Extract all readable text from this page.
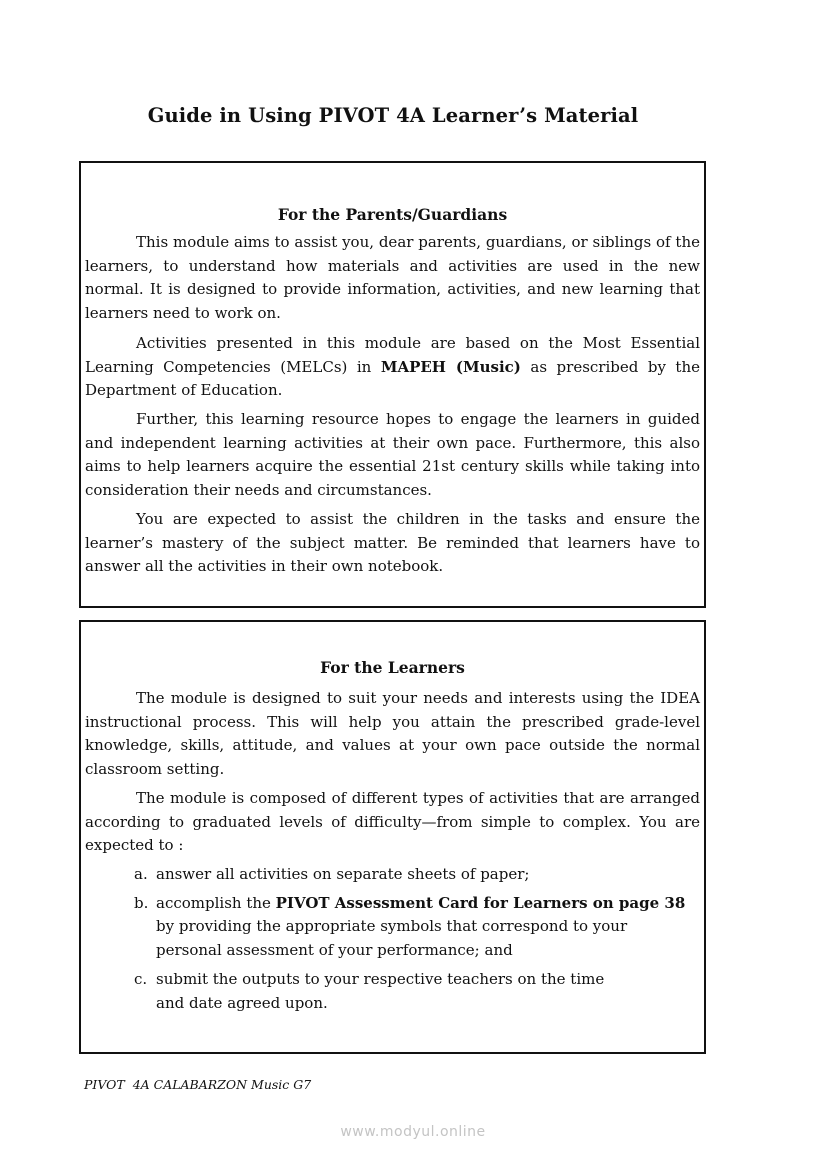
Guide in Using PIVOT 4A Learner’s Material
For the Parents/Guardians

This module aims to assist you, dear parents, guardians, or siblings of the learners, to understand how materials and activities are used in the new normal. It is designed to provide information, activities, and new learning that learners need to work on.

Activities presented in this module are based on the Most Essential Learning Competencies (MELCs) in MAPEH (Music) as prescribed by the Department of Education.

Further, this learning resource hopes to engage the learners in guided and independent learning activities at their own pace. Furthermore, this also aims to help learners acquire the essential 21st century skills while taking into consideration their needs and circumstances.

You are expected to assist the children in the tasks and ensure the learner’s mastery of the subject matter. Be reminded that learners have to answer all the activities in their own notebook.

For the Learners

The module is designed to suit your needs and interests using the IDEA instructional process. This will help you attain the prescribed grade-level knowledge, skills, attitude, and values at your own pace outside the normal classroom setting.

The module is composed of different types of activities that are arranged according to graduated levels of difficulty—from simple to complex. You are expected to :

a. answer all activities on separate sheets of paper;
b. accomplish the PIVOT Assessment Card for Learners on page 38 by providing the appropriate symbols that correspond to your personal assessment of your performance; and
c. submit the outputs to your respective teachers on the time and date agreed upon.
PIVOT  4A CALABARZON Music G7
www.modyul.online
